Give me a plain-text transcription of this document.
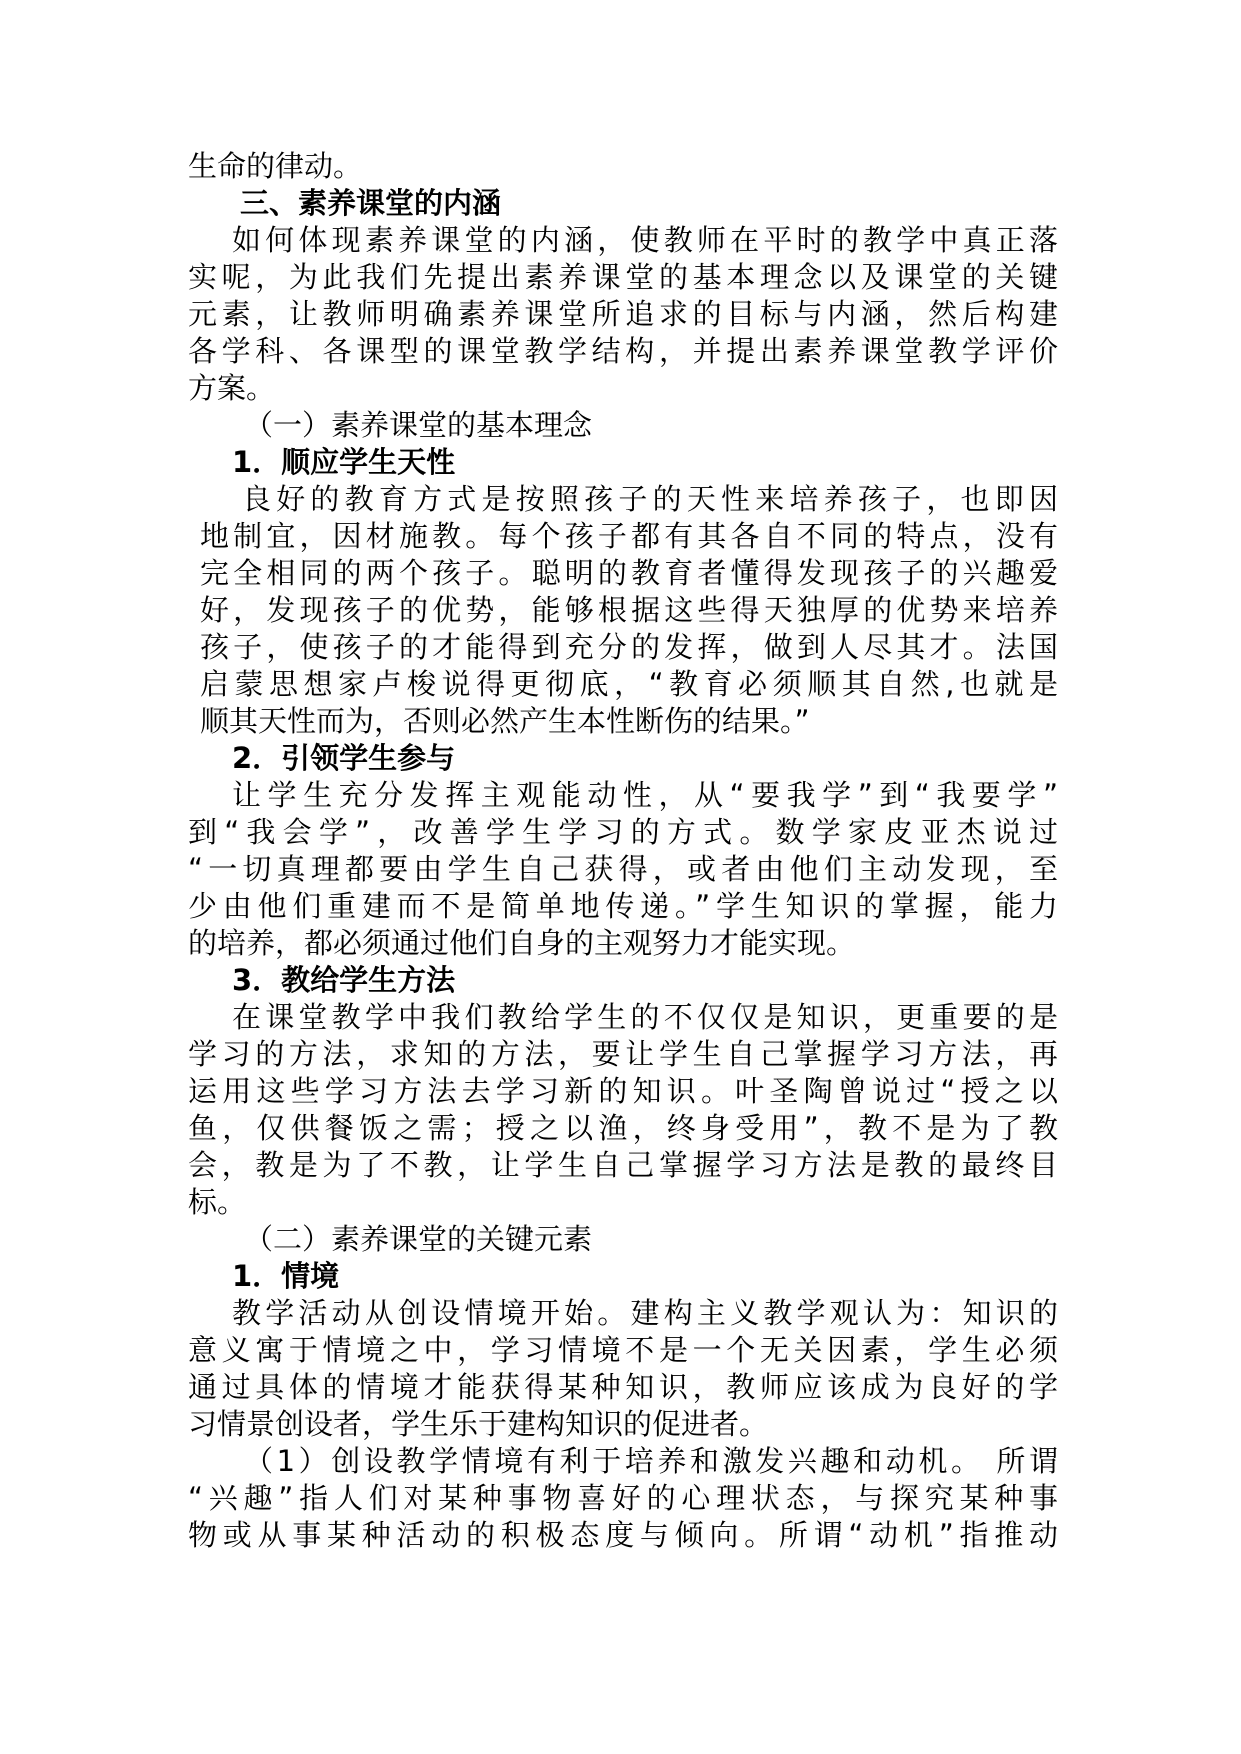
生命的律动。

三、素养课堂的内涵

如何体现素养课堂的内涵，使教师在平时的教学中真正落
实呢，为此我们先提出素养课堂的基本理念以及课堂的关键
元素，让教师明确素养课堂所追求的目标与内涵，然后构建
各学科、各课型的课堂教学结构，并提出素养课堂教学评价
方案。

（一）素养课堂的基本理念

1．顺应学生天性

良好的教育方式是按照孩子的天性来培养孩子，也即因
地制宜，因材施教。每个孩子都有其各自不同的特点，没有
完全相同的两个孩子。聪明的教育者懂得发现孩子的兴趣爱
好，发现孩子的优势，能够根据这些得天独厚的优势来培养
孩子，使孩子的才能得到充分的发挥，做到人尽其才。法国
启蒙思想家卢梭说得更彻底，“教育必须顺其自然,也就是
顺其天性而为，否则必然产生本性断伤的结果。”

2．引领学生参与

让学生充分发挥主观能动性，从“要我学”到“我要学”
到“我会学”，改善学生学习的方式。数学家皮亚杰说过
“一切真理都要由学生自己获得，或者由他们主动发现，至
少由他们重建而不是简单地传递。”学生知识的掌握，能力
的培养，都必须通过他们自身的主观努力才能实现。

3．教给学生方法

在课堂教学中我们教给学生的不仅仅是知识，更重要的是
学习的方法，求知的方法，要让学生自己掌握学习方法，再
运用这些学习方法去学习新的知识。叶圣陶曾说过“授之以
鱼，仅供餐饭之需；授之以渔，终身受用”，教不是为了教
会，教是为了不教，让学生自己掌握学习方法是教的最终目
标。

（二）素养课堂的关键元素

1．情境

教学活动从创设情境开始。建构主义教学观认为：知识的
意义寓于情境之中，学习情境不是一个无关因素，学生必须
通过具体的情境才能获得某种知识，教师应该成为良好的学
习情景创设者，学生乐于建构知识的促进者。

（1）创设教学情境有利于培养和激发兴趣和动机。 所谓
“兴趣”指人们对某种事物喜好的心理状态，与探究某种事
物或从事某种活动的积极态度与倾向。所谓“动机”指推动
